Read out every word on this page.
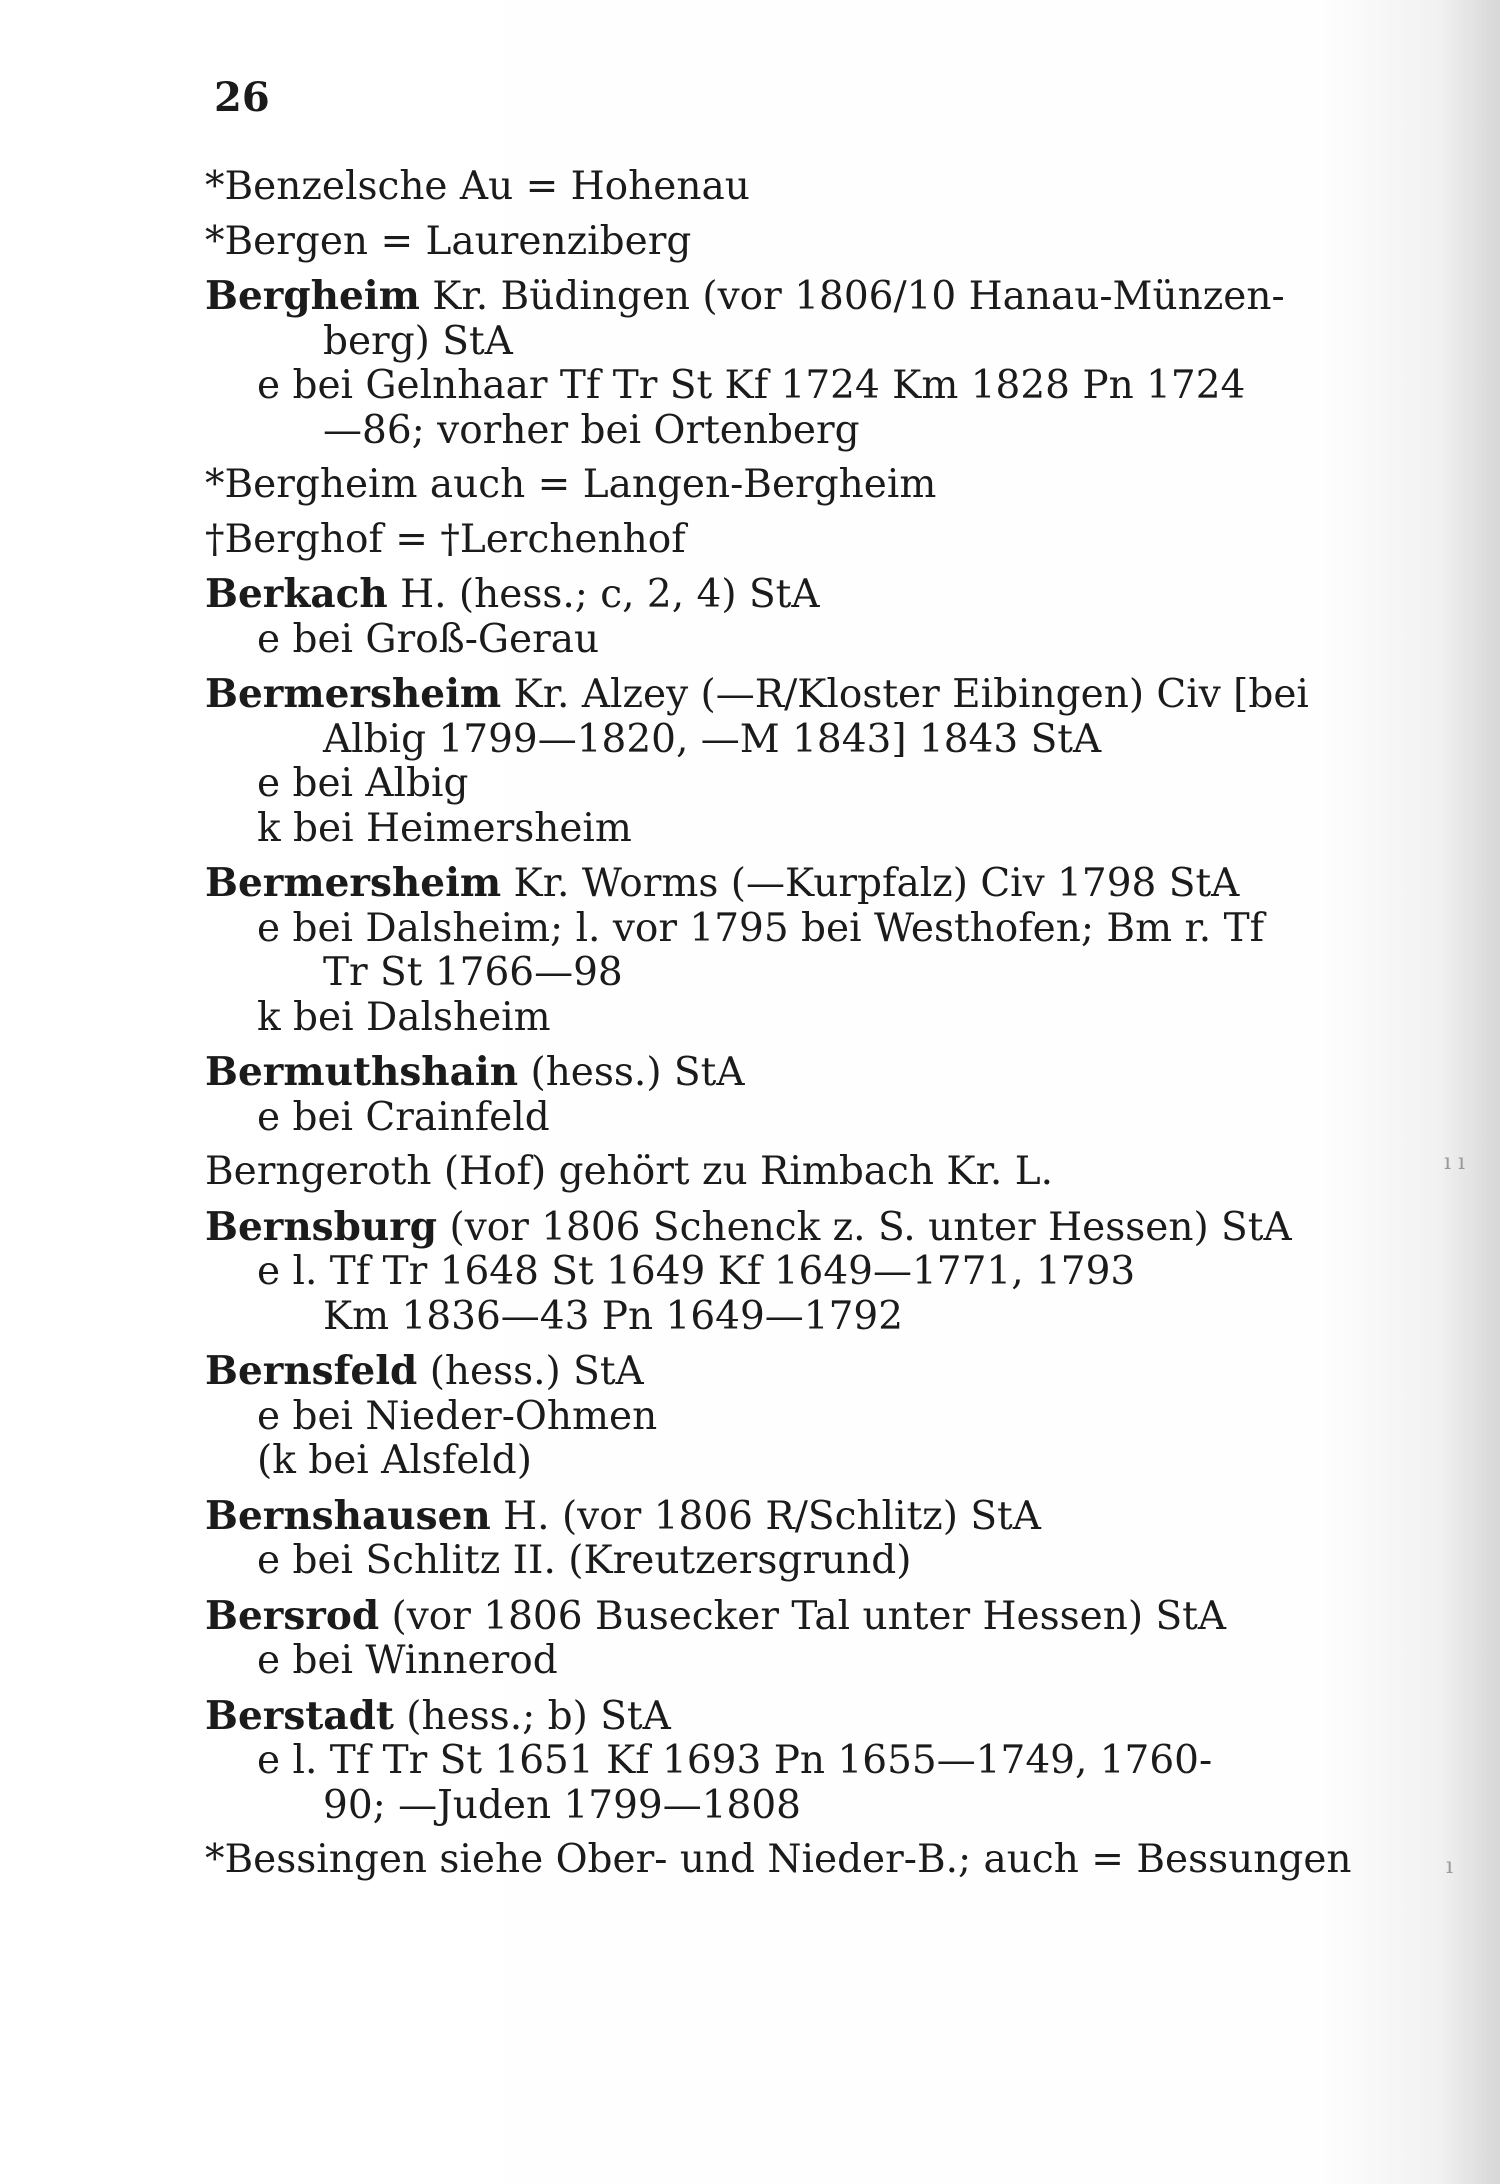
26
*Benzelsche Au = Hohenau
*Bergen = Laurenziberg
Bergheim Kr. Büdingen (vor 1806/10 Hanau-Münzen-
berg) StA
e bei Gelnhaar Tf Tr St Kf 1724 Km 1828 Pn 1724
—86; vorher bei Ortenberg
*Bergheim auch = Langen-Bergheim
†Berghof = †Lerchenhof
Berkach H. (hess.; c, 2, 4) StA
e bei Groß-Gerau
Bermersheim Kr. Alzey (—R/Kloster Eibingen) Civ [bei
Albig 1799—1820, —M 1843] 1843 StA
e bei Albig
k bei Heimersheim
Bermersheim Kr. Worms (—Kurpfalz) Civ 1798 StA
e bei Dalsheim; l. vor 1795 bei Westhofen; Bm r. Tf
Tr St 1766—98
k bei Dalsheim
Bermuthshain (hess.) StA
e bei Crainfeld
Berngeroth (Hof) gehört zu Rimbach Kr. L.
Bernsburg (vor 1806 Schenck z. S. unter Hessen) StA
e l. Tf Tr 1648 St 1649 Kf 1649—1771, 1793
Km 1836—43 Pn 1649—1792
Bernsfeld (hess.) StA
e bei Nieder-Ohmen
(k bei Alsfeld)
Bernshausen H. (vor 1806 R/Schlitz) StA
e bei Schlitz II. (Kreutzersgrund)
Bersrod (vor 1806 Busecker Tal unter Hessen) StA
e bei Winnerod
Berstadt (hess.; b) StA
e l. Tf Tr St 1651 Kf 1693 Pn 1655—1749, 1760-
90; —Juden 1799—1808
*Bessingen siehe Ober- und Nieder-B.; auch = Bessungen
ı ı
ı
